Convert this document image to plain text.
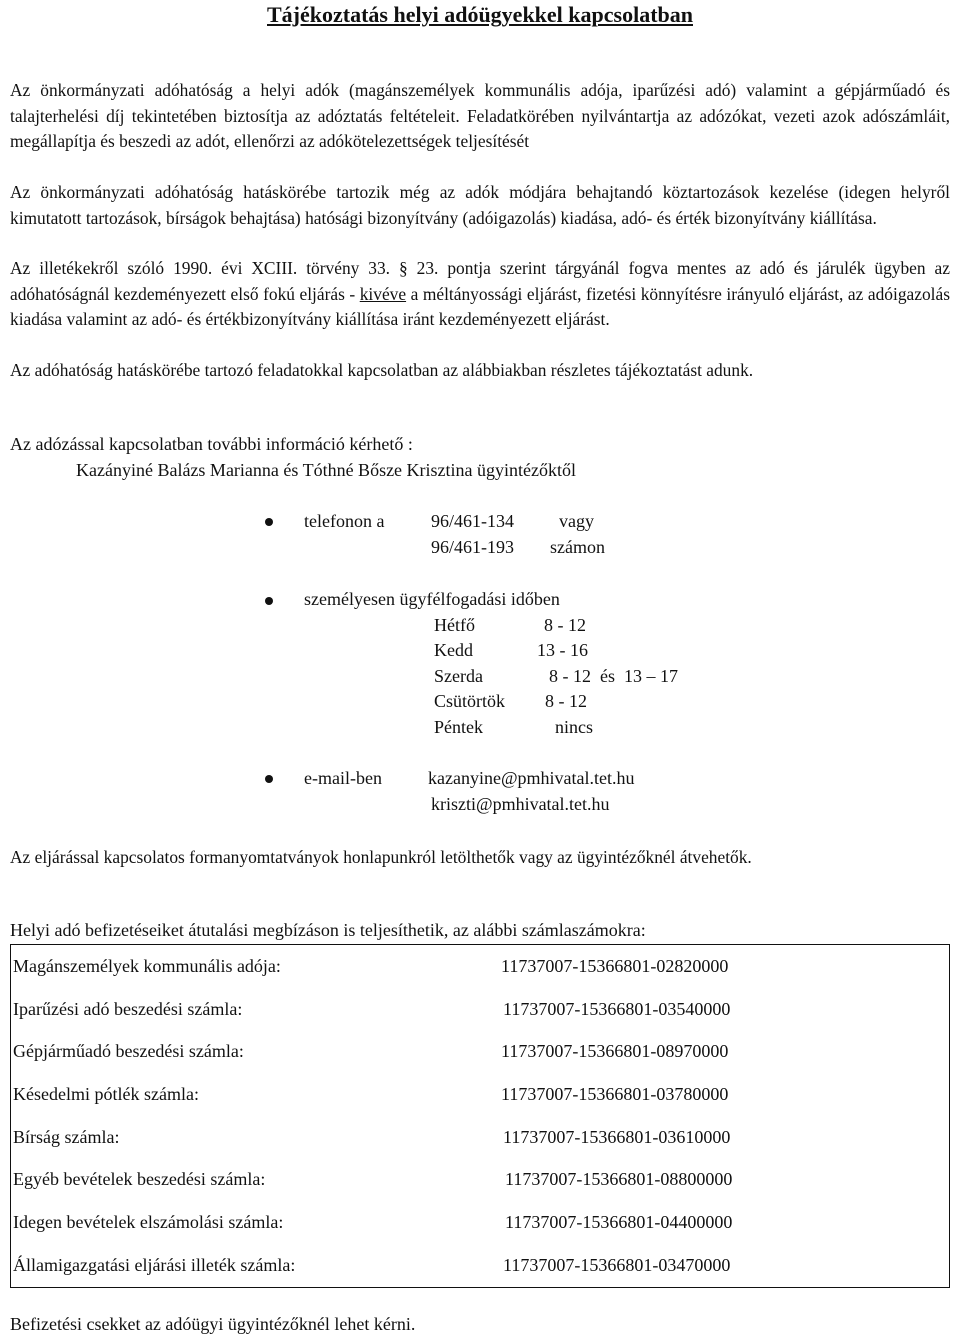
Tájékoztatás helyi adóügyekkel kapcsolatban

Az önkormányzati adóhatóság a helyi adók (magánszemélyek kommunális adója, iparűzési adó) valamint a gépjárműadó és talajterhelési díj tekintetében biztosítja az adóztatás feltételeit. Feladatkörében nyilvántartja az adózókat, vezeti azok adószámláit, megállapítja és beszedi az adót, ellenőrzi az adókötelezettségek teljesítését

Az önkormányzati adóhatóság hatáskörébe tartozik még az adók módjára behajtandó köztartozások kezelése (idegen helyről kimutatott tartozások, bírságok behajtása) hatósági bizonyítvány (adóigazolás) kiadása, adó- és érték bizonyítvány kiállítása.

Az illetékekről szóló 1990. évi XCIII. törvény 33. § 23. pontja szerint tárgyánál fogva mentes az adó és járulék ügyben az adóhatóságnál kezdeményezett első fokú eljárás - kivéve a méltányossági eljárást, fizetési könnyítésre irányuló eljárást, az adóigazolás kiadása valamint az adó- és értékbizonyítvány kiállítása iránt kezdeményezett eljárást.

Az adóhatóság hatáskörébe tartozó feladatokkal kapcsolatban az alábbiakban részletes tájékoztatást adunk.

Az adózással kapcsolatban további információ kérhető :
Kazányiné Balázs Marianna és Tóthné Bősze Krisztina ügyintézőktől
telefonon a	96/461-134	vagy
96/461-193 számon
személyesen ügyfélfogadási időben
Hétfő	8 - 12
Kedd	13 - 16
Szerda	8 - 12  és  13 – 17
Csütörtök 8 - 12
Péntek	nincs
e-mail-ben	kazanyine@pmhivatal.tet.hu
kriszti@pmhivatal.tet.hu

Az eljárással kapcsolatos formanyomtatványok honlapunkról letölthetők vagy az ügyintézőknél átvehetők.

Helyi adó befizetéseiket átutalási megbízáson is teljesíthetik, az alábbi számlaszámokra:
Magánszemélyek kommunális adója:	11737007-15366801-02820000
Iparűzési adó beszedési számla:	11737007-15366801-03540000
Gépjárműadó beszedési számla:	11737007-15366801-08970000
Késedelmi pótlék számla:	11737007-15366801-03780000
Bírság számla:	11737007-15366801-03610000
Egyéb bevételek beszedési számla:	11737007-15366801-08800000
Idegen bevételek elszámolási számla:	11737007-15366801-04400000
Államigazgatási eljárási illeték számla:	11737007-15366801-03470000
Befizetési csekket az adóügyi ügyintézőknél lehet kérni.
